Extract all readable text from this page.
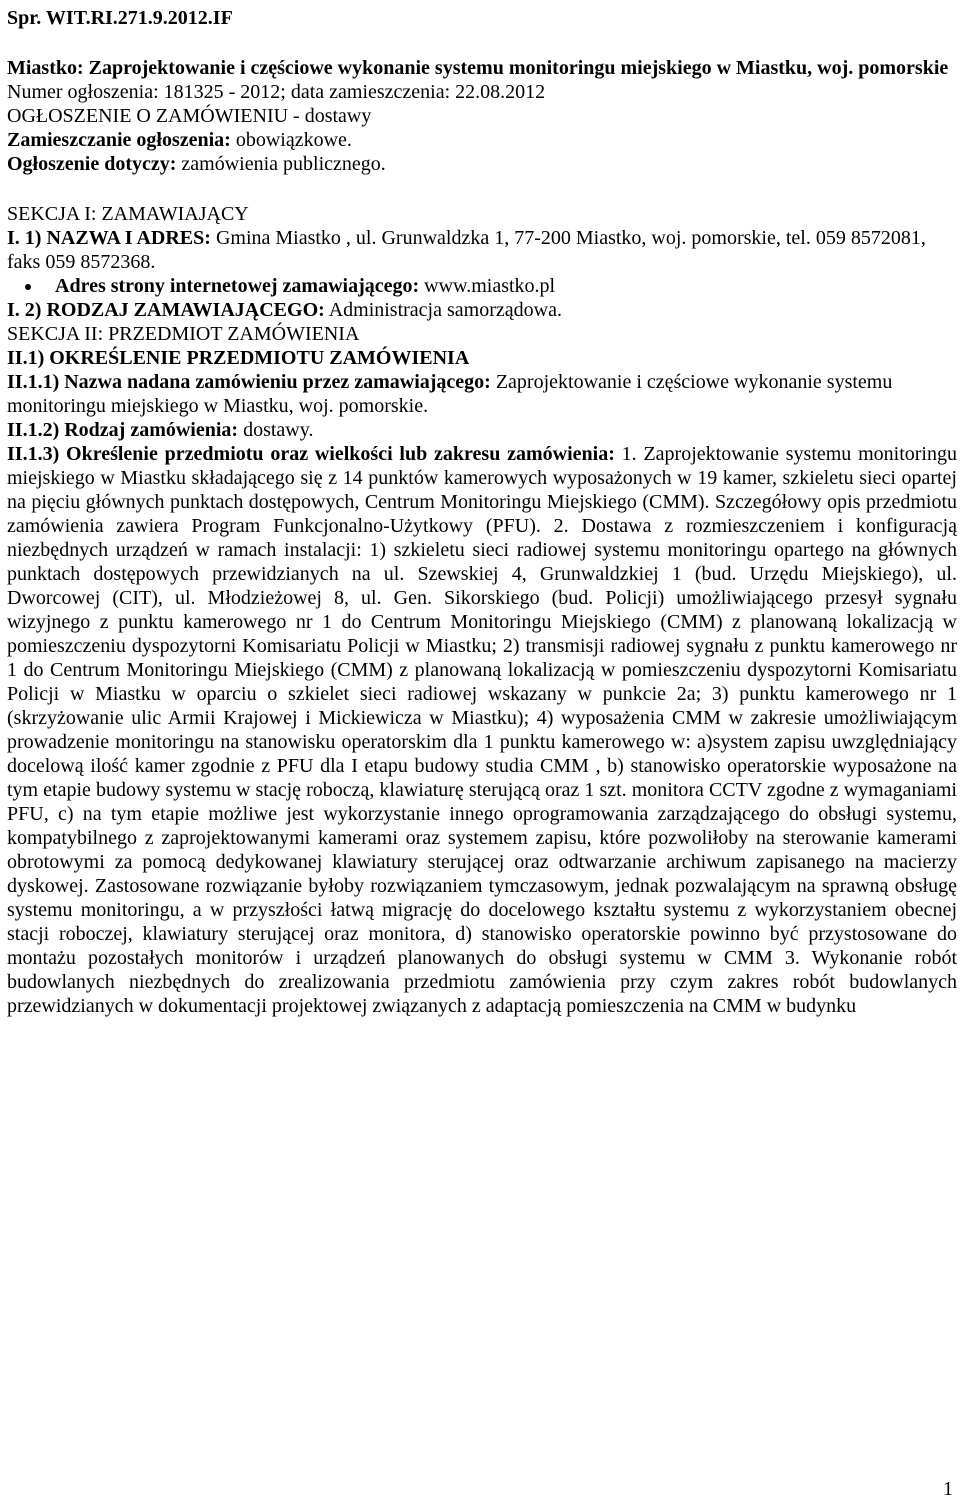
Spr. WIT.RI.271.9.2012.IF

Miastko: Zaprojektowanie i częściowe wykonanie systemu monitoringu miejskiego w Miastku, woj. pomorskie

Numer ogłoszenia: 181325 - 2012; data zamieszczenia: 22.08.2012

OGŁOSZENIE O ZAMÓWIENIU - dostawy

Zamieszczanie ogłoszenia: obowiązkowe.

Ogłoszenie dotyczy: zamówienia publicznego.

SEKCJA I: ZAMAWIAJĄCY

I. 1) NAZWA I ADRES: Gmina Miastko , ul. Grunwaldzka 1, 77-200 Miastko, woj. pomorskie, tel. 059 8572081, faks 059 8572368.

Adres strony internetowej zamawiającego: www.miastko.pl

I. 2) RODZAJ ZAMAWIAJĄCEGO: Administracja samorządowa.

SEKCJA II: PRZEDMIOT ZAMÓWIENIA

II.1) OKREŚLENIE PRZEDMIOTU ZAMÓWIENIA

II.1.1) Nazwa nadana zamówieniu przez zamawiającego: Zaprojektowanie i częściowe wykonanie systemu monitoringu miejskiego w Miastku, woj. pomorskie.

II.1.2) Rodzaj zamówienia: dostawy.

II.1.3) Określenie przedmiotu oraz wielkości lub zakresu zamówienia: 1. Zaprojektowanie systemu monitoringu miejskiego w Miastku składającego się z 14 punktów kamerowych wyposażonych w 19 kamer, szkieletu sieci opartej na pięciu głównych punktach dostępowych, Centrum Monitoringu Miejskiego (CMM). Szczegółowy opis przedmiotu zamówienia zawiera Program Funkcjonalno-Użytkowy (PFU). 2. Dostawa z rozmieszczeniem i konfiguracją niezbędnych urządzeń w ramach instalacji: 1) szkieletu sieci radiowej systemu monitoringu opartego na głównych punktach dostępowych przewidzianych na ul. Szewskiej 4, Grunwaldzkiej 1 (bud. Urzędu Miejskiego), ul. Dworcowej (CIT), ul. Młodzieżowej 8, ul. Gen. Sikorskiego (bud. Policji) umożliwiającego przesył sygnału wizyjnego z punktu kamerowego nr 1 do Centrum Monitoringu Miejskiego (CMM) z planowaną lokalizacją w pomieszczeniu dyspozytorni Komisariatu Policji w Miastku; 2) transmisji radiowej sygnału z punktu kamerowego nr 1 do Centrum Monitoringu Miejskiego (CMM) z planowaną lokalizacją w pomieszczeniu dyspozytorni Komisariatu Policji w Miastku w oparciu o szkielet sieci radiowej wskazany w punkcie 2a; 3) punktu kamerowego nr 1 (skrzyżowanie ulic Armii Krajowej i Mickiewicza w Miastku); 4) wyposażenia CMM w zakresie umożliwiającym prowadzenie monitoringu na stanowisku operatorskim dla 1 punktu kamerowego w: a)system zapisu uwzględniający docelową ilość kamer zgodnie z PFU dla I etapu budowy studia CMM , b) stanowisko operatorskie wyposażone na tym etapie budowy systemu w stację roboczą, klawiaturę sterującą oraz 1 szt. monitora CCTV zgodne z wymaganiami PFU, c) na tym etapie możliwe jest wykorzystanie innego oprogramowania zarządzającego do obsługi systemu, kompatybilnego z zaprojektowanymi kamerami oraz systemem zapisu, które pozwoliłoby na sterowanie kamerami obrotowymi za pomocą dedykowanej klawiatury sterującej oraz odtwarzanie archiwum zapisanego na macierzy dyskowej. Zastosowane rozwiązanie byłoby rozwiązaniem tymczasowym, jednak pozwalającym na sprawną obsługę systemu monitoringu, a w przyszłości łatwą migrację do docelowego kształtu systemu z wykorzystaniem obecnej stacji roboczej, klawiatury sterującej oraz monitora, d) stanowisko operatorskie powinno być przystosowane do montażu pozostałych monitorów i urządzeń planowanych do obsługi systemu w CMM 3. Wykonanie robót budowlanych niezbędnych do zrealizowania przedmiotu zamówienia przy czym zakres robót budowlanych przewidzianych w dokumentacji projektowej związanych z adaptacją pomieszczenia na CMM w budynku

1
